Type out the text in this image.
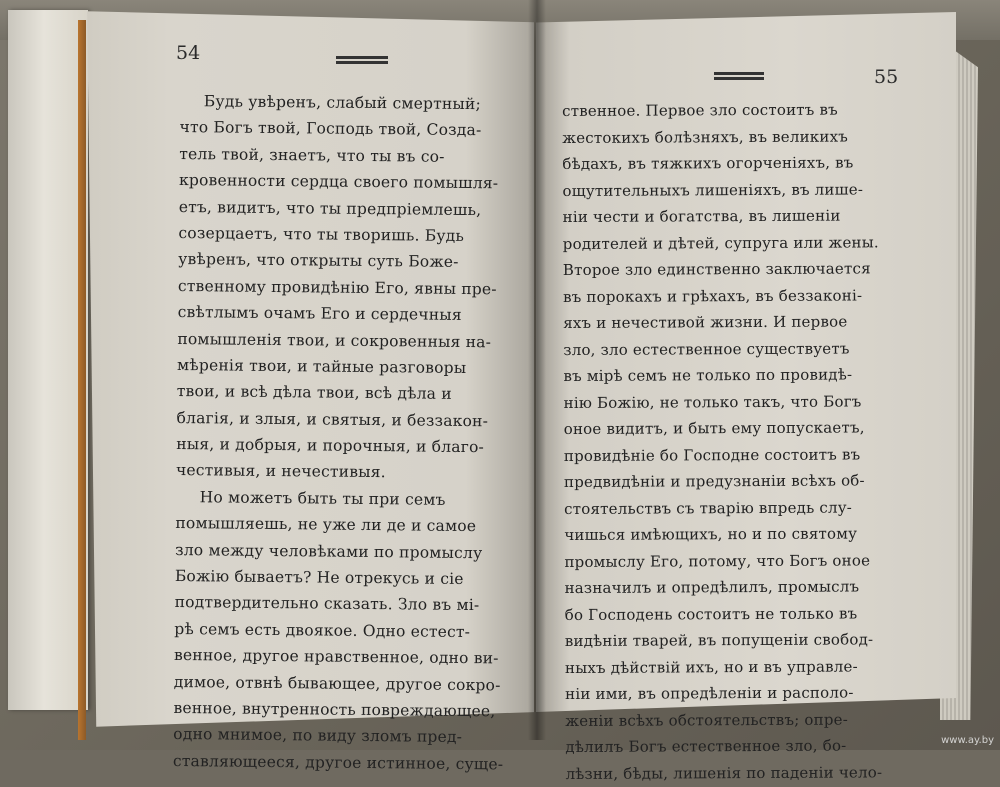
54
55
Будь увѣренъ, слабый смертный;
что Богъ твой, Господь твой, Созда-
тель твой, знаетъ, что ты въ со-
кровенности сердца своего помышля-
етъ, видитъ, что ты предпріемлешь,
созерцаетъ, что ты творишь. Будь
увѣренъ, что открыты суть Боже-
ственному провидѣнію Его, явны пре-
свѣтлымъ очамъ Его и сердечныя
помышленія твои, и сокровенныя на-
мѣренія твои, и тайные разговоры
твои, и всѣ дѣла твои, всѣ дѣла и
благія, и злыя, и святыя, и беззакон-
ныя, и добрыя, и порочныя, и благо-
честивыя, и нечестивыя.
Но можетъ быть ты при семъ
помышляешь, не уже ли де и самое
зло между человѣками по промыслу
Божію бываетъ? Не отрекусь и сіе
подтвердительно сказать. Зло въ мі-
рѣ семъ есть двоякое. Одно естест-
венное, другое нравственное, одно ви-
димое, отвнѣ бывающее, другое сокро-
венное, внутренность повреждающее,
одно мнимое, по виду зломъ пред-
ставляющееся, другое истинное, суще-
ственное. Первое зло состоитъ въ
жестокихъ болѣзняхъ, въ великихъ
бѣдахъ, въ тяжкихъ огорченіяхъ, въ
ощутительныхъ лишеніяхъ, въ лише-
ніи чести и богатства, въ лишеніи
родителей и дѣтей, супруга или жены.
Второе зло единственно заключается
въ порокахъ и грѣхахъ, въ беззаконі-
яхъ и нечестивой жизни. И первое
зло, зло естественное существуетъ
въ мірѣ семъ не только по провидѣ-
нію Божію, не только такъ, что Богъ
оное видитъ, и быть ему попускаетъ,
провидѣніе бо Господне состоитъ въ
предвидѣніи и предузнаніи всѣхъ об-
стоятельствъ съ тварію впредь слу-
чишься имѣющихъ, но и по святому
промыслу Его, потому, что Богъ оное
назначилъ и опредѣлилъ, промыслъ
бо Господень состоитъ не только въ
видѣніи тварей, въ попущеніи свобод-
ныхъ дѣйствій ихъ, но и въ управле-
ніи ими, въ опредѣленіи и располо-
женіи всѣхъ обстоятельствъ; опре-
дѣлилъ Богъ естественное зло, бо-
лѣзни, бѣды, лишенія по паденіи чело-
www.ay.by
